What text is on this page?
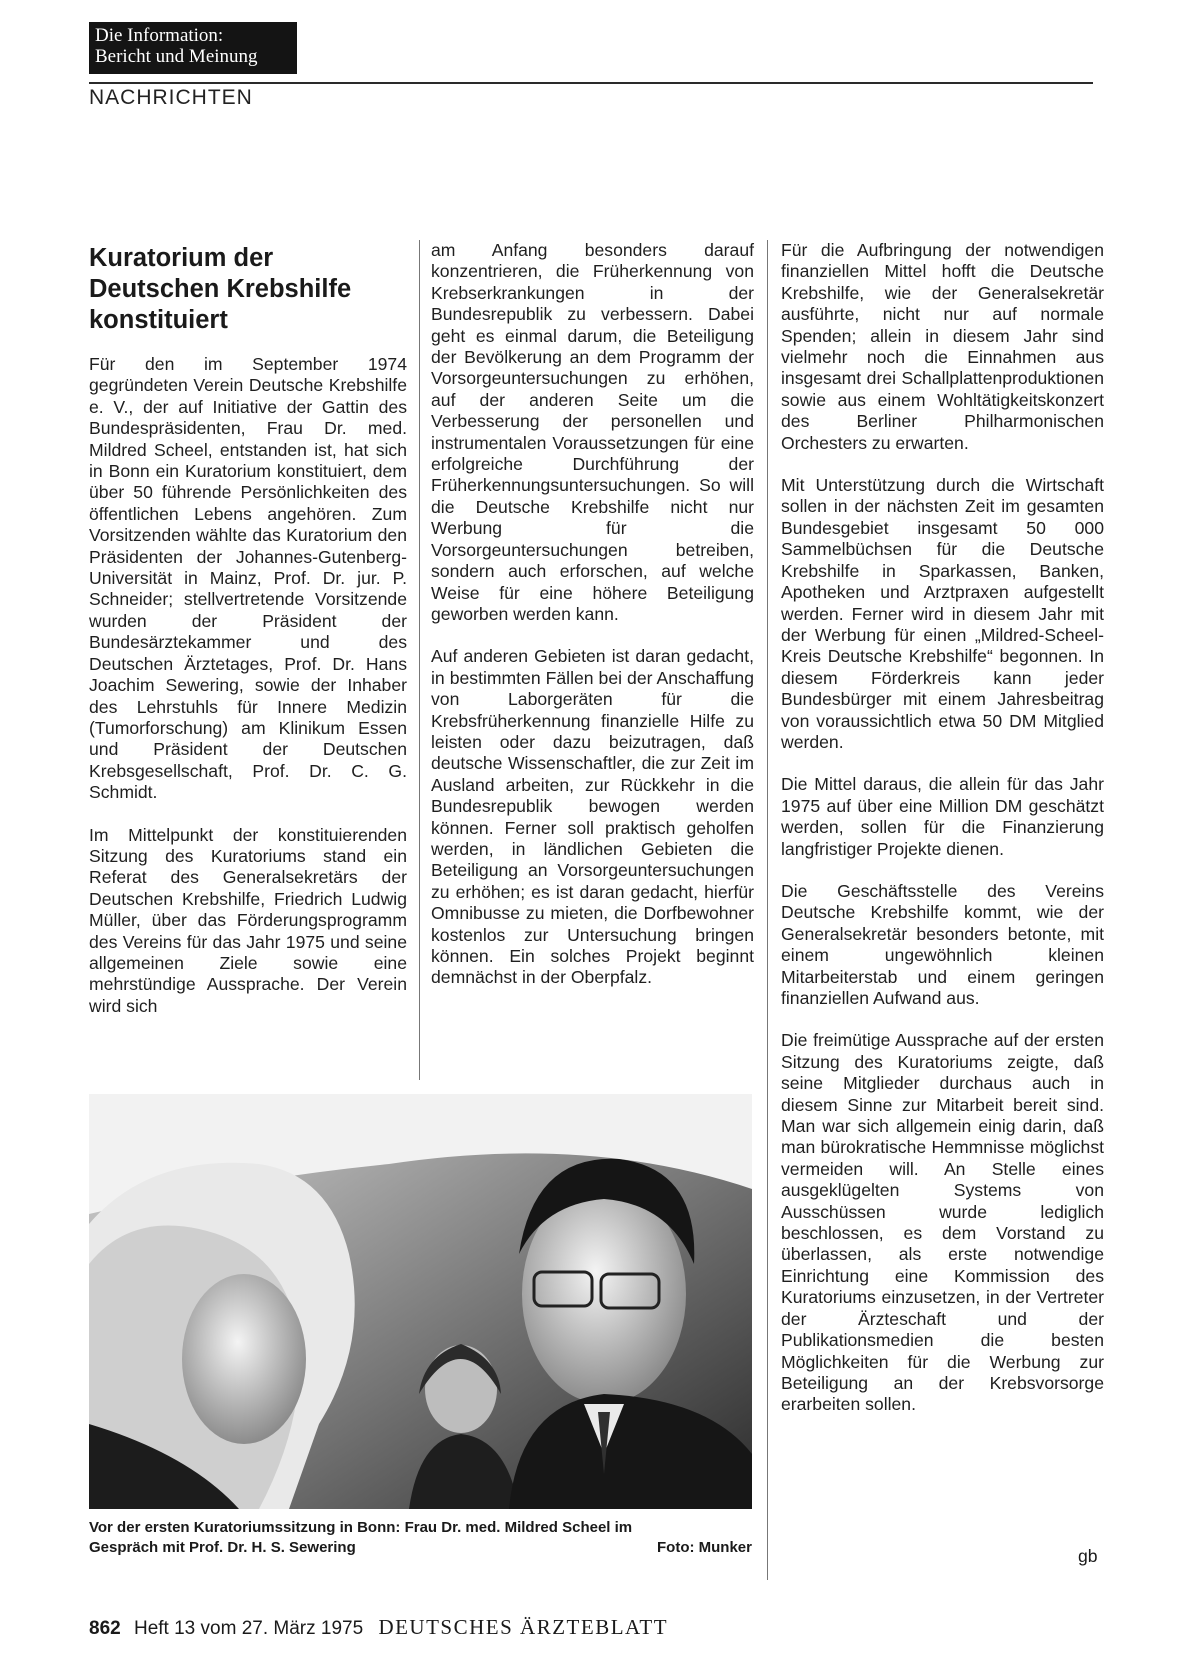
Die Information:
Bericht und Meinung
NACHRICHTEN
Kuratorium der Deutschen Krebshilfe konstituiert

Für den im September 1974 gegründeten Verein Deutsche Krebshilfe e. V., der auf Initiative der Gattin des Bundespräsidenten, Frau Dr. med. Mildred Scheel, entstanden ist, hat sich in Bonn ein Kuratorium konstituiert, dem über 50 führende Persönlichkeiten des öffentlichen Lebens angehören. Zum Vorsitzenden wählte das Kuratorium den Präsidenten der Johannes-Gutenberg-Universität in Mainz, Prof. Dr. jur. P. Schneider; stellvertretende Vorsitzende wurden der Präsident der Bundesärztekammer und des Deutschen Ärztetages, Prof. Dr. Hans Joachim Sewering, sowie der Inhaber des Lehrstuhls für Innere Medizin (Tumorforschung) am Klinikum Essen und Präsident der Deutschen Krebsgesellschaft, Prof. Dr. C. G. Schmidt.

Im Mittelpunkt der konstituierenden Sitzung des Kuratoriums stand ein Referat des Generalsekretärs der Deutschen Krebshilfe, Friedrich Ludwig Müller, über das Förderungsprogramm des Vereins für das Jahr 1975 und seine allgemeinen Ziele sowie eine mehrstündige Aussprache. Der Verein wird sich

am Anfang besonders darauf konzentrieren, die Früherkennung von Krebserkrankungen in der Bundesrepublik zu verbessern. Dabei geht es einmal darum, die Beteiligung der Bevölkerung an dem Programm der Vorsorgeuntersuchungen zu erhöhen, auf der anderen Seite um die Verbesserung der personellen und instrumentalen Voraussetzungen für eine erfolgreiche Durchführung der Früherkennungsuntersuchungen. So will die Deutsche Krebshilfe nicht nur Werbung für die Vorsorgeuntersuchungen betreiben, sondern auch erforschen, auf welche Weise für eine höhere Beteiligung geworben werden kann.

Auf anderen Gebieten ist daran gedacht, in bestimmten Fällen bei der Anschaffung von Laborgeräten für die Krebsfrüherkennung finanzielle Hilfe zu leisten oder dazu beizutragen, daß deutsche Wissenschaftler, die zur Zeit im Ausland arbeiten, zur Rückkehr in die Bundesrepublik bewogen werden können. Ferner soll praktisch geholfen werden, in ländlichen Gebieten die Beteiligung an Vorsorgeuntersuchungen zu erhöhen; es ist daran gedacht, hierfür Omnibusse zu mieten, die Dorfbewohner kostenlos zur Untersuchung bringen können. Ein solches Projekt beginnt demnächst in der Oberpfalz.

Für die Aufbringung der notwendigen finanziellen Mittel hofft die Deutsche Krebshilfe, wie der Generalsekretär ausführte, nicht nur auf normale Spenden; allein in diesem Jahr sind vielmehr noch die Einnahmen aus insgesamt drei Schallplattenproduktionen sowie aus einem Wohltätigkeitskonzert des Berliner Philharmonischen Orchesters zu erwarten.

Mit Unterstützung durch die Wirtschaft sollen in der nächsten Zeit im gesamten Bundesgebiet insgesamt 50 000 Sammelbüchsen für die Deutsche Krebshilfe in Sparkassen, Banken, Apotheken und Arztpraxen aufgestellt werden. Ferner wird in diesem Jahr mit der Werbung für einen „Mildred-Scheel-Kreis Deutsche Krebshilfe“ begonnen. In diesem Förderkreis kann jeder Bundesbürger mit einem Jahresbeitrag von voraussichtlich etwa 50 DM Mitglied werden.

Die Mittel daraus, die allein für das Jahr 1975 auf über eine Million DM geschätzt werden, sollen für die Finanzierung langfristiger Projekte dienen.

Die Geschäftsstelle des Vereins Deutsche Krebshilfe kommt, wie der Generalsekretär besonders betonte, mit einem ungewöhnlich kleinen Mitarbeiterstab und einem geringen finanziellen Aufwand aus.

Die freimütige Aussprache auf der ersten Sitzung des Kuratoriums zeigte, daß seine Mitglieder durchaus auch in diesem Sinne zur Mitarbeit bereit sind. Man war sich allgemein einig darin, daß man bürokratische Hemmnisse möglichst vermeiden will. An Stelle eines ausgeklügelten Systems von Ausschüssen wurde lediglich beschlossen, es dem Vorstand zu überlassen, als erste notwendige Einrichtung eine Kommission des Kuratoriums einzusetzen, in der Vertreter der Ärzteschaft und der Publikationsmedien die besten Möglichkeiten für die Werbung zur Beteiligung an der Krebsvorsorge erarbeiten sollen.

gb
Vor der ersten Kuratoriumssitzung in Bonn: Frau Dr. med. Mildred Scheel im
Gespräch mit Prof. Dr. H. S. Sewering	Foto: Munker
862 Heft 13 vom 27. März 1975 DEUTSCHES ÄRZTEBLATT
